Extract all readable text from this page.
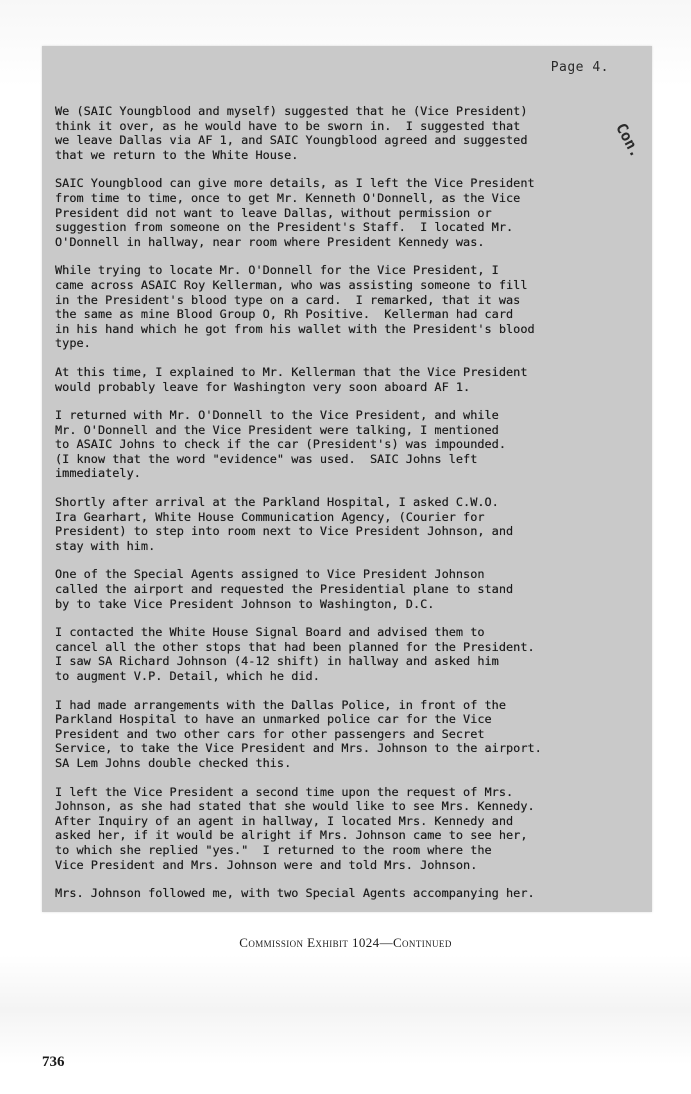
Page 4.
Con.

We (SAIC Youngblood and myself) suggested that he (Vice President)
think it over, as he would have to be sworn in.  I suggested that
we leave Dallas via AF 1, and SAIC Youngblood agreed and suggested
that we return to the White House.

SAIC Youngblood can give more details, as I left the Vice President
from time to time, once to get Mr. Kenneth O'Donnell, as the Vice
President did not want to leave Dallas, without permission or
suggestion from someone on the President's Staff.  I located Mr.
O'Donnell in hallway, near room where President Kennedy was.

While trying to locate Mr. O'Donnell for the Vice President, I
came across ASAIC Roy Kellerman, who was assisting someone to fill
in the President's blood type on a card.  I remarked, that it was
the same as mine Blood Group O, Rh Positive.  Kellerman had card
in his hand which he got from his wallet with the President's blood
type.

At this time, I explained to Mr. Kellerman that the Vice President
would probably leave for Washington very soon aboard AF 1.

I returned with Mr. O'Donnell to the Vice President, and while
Mr. O'Donnell and the Vice President were talking, I mentioned
to ASAIC Johns to check if the car (President's) was impounded.
(I know that the word "evidence" was used.  SAIC Johns left
immediately.

Shortly after arrival at the Parkland Hospital, I asked C.W.O.
Ira Gearhart, White House Communication Agency, (Courier for
President) to step into room next to Vice President Johnson, and
stay with him.

One of the Special Agents assigned to Vice President Johnson
called the airport and requested the Presidential plane to stand
by to take Vice President Johnson to Washington, D.C.

I contacted the White House Signal Board and advised them to
cancel all the other stops that had been planned for the President.
I saw SA Richard Johnson (4-12 shift) in hallway and asked him
to augment V.P. Detail, which he did.

I had made arrangements with the Dallas Police, in front of the
Parkland Hospital to have an unmarked police car for the Vice
President and two other cars for other passengers and Secret
Service, to take the Vice President and Mrs. Johnson to the airport.
SA Lem Johns double checked this.

I left the Vice President a second time upon the request of Mrs.
Johnson, as she had stated that she would like to see Mrs. Kennedy.
After Inquiry of an agent in hallway, I located Mrs. Kennedy and
asked her, if it would be alright if Mrs. Johnson came to see her,
to which she replied "yes."  I returned to the room where the
Vice President and Mrs. Johnson were and told Mrs. Johnson.

Mrs. Johnson followed me, with two Special Agents accompanying her.

Commission Exhibit 1024—Continued
736
